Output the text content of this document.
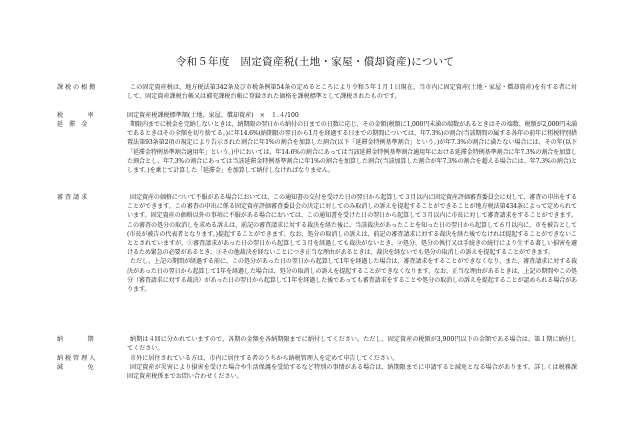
令和５年度　固定資産税(土地・家屋・償却資産)について
課 税 の 根 拠	この固定資産税は、地方税法第342条及び市税条例第54条の定めるところにより令和５年１月１日現在、当市内に固定資産(土地・家屋・償却資産)を有する者に対して、固定資産課税台帳又は補充課税台帳に登録された価格を課税標準として課税されたものです。
税　　　　率	固定資産税課税標準額(土地、家屋、償却資産)　×　１.４/100
延　滞　金	期限内までに税金を完納しないときは、納期限の翌日から納付の日までの日数に応じ、その金額(税額に1,000円未満の端数があるときはその端数、税額が2,000円未満であるときはその全額を切り捨てる。)に年14.6%(納期限の翌日から1月を経過する日までの期間については、年7.3%)の割合(当該期間の属する各年の前年に租税特別措置法第93条第2項の規定により告示された割合に年1%の割合を加算した割合(以下「延滞金特例基準割合」という。)が年7.3%の割合に満たない場合には、その年(以下「延滞金特例基準割合適用年」という。)中においては、年14.6%の割合にあっては当該延滞金特例基準割合適用年における延滞金特例基準割合に年7.3%の割合を加算した割合とし、年7.3%の割合にあっては当該延滞金特例基準割合に年1%の割合を加算した割合(当該加算した割合が年7.3%の割合を超える場合には、年7.3%の割合)とします。)を乗じて計算した「延滞金」を加算して納付しなければなりません。
審 査 請 求	固定資産の価格について不服がある場合においては、この通知書の交付を受けた日の翌日から起算して３月以内に固定資産評価審査委員会に対して、審査の申出をすることができます。この審査の申出に係る固定資産評価審査委員会の決定に対してのみ取消しの訴えを提起することができることが地方税法第434条によって定められています。固定資産の価格以外の事項に不服がある場合においては、この通知書を受けた日の翌日から起算して３月以内に市長に対して審査請求をすることができます。この審査の処分の取消しを求める訴えは、前記の審査請求に対する裁決を経た後に、当該裁決があったことを知った日の翌日から起算して６月以内に、市を被告として(市長が被告の代表者となります。)提起することができます。なお、処分の取消しの訴えは、前記の審査請求に対する裁決を経た後でなければ提起することができないこととされていますが、①審査請求があった日の翌日から起算して３月を経過しても裁決がないとき、②処分、処分の執行又は手続きの続行により生ずる著しい損害を避けるため緊急の必要があるとき、③その他裁決を経ないことにつき正当な理由があるときは、裁決を経ないでも処分の取消しの訴えを提起することができます。
ただし、上記の期間が経過する前に、この処分があった日の翌日から起算して1年を経過した場合は、審査請求をすることができなくなり、また、審査請求に対する裁決があった日の翌日から起算して1年を経過した場合は、処分の取消しの訴えを提起することができなくなります。なお、正当な理由があるときは、上記の期間やこの処分（審査請求に対する裁決）があった日の翌日から起算して1年を経過した後であっても審査請求をすることや処分の取消しの訴えを提起することが認められる場合があります。
納　　　　期	納期は４回に分かれていますので、各期の金額を各納期限までに納付してください。ただし、固定資産の税額が3,900円以下の金額である場合は、第１期に納付してください。
納 税 管 理 人	市外に居住されている方は、市内に居住する者のうちから納税管理人を定めて申告してください。
減　　　　免	固定資産が災害により損害を受けた場合や生活保護を受給するなど特別の事情がある場合は、納期限までに申請すると減免となる場合があります。詳しくは税務課固定資産税係までお問い合わせください。
